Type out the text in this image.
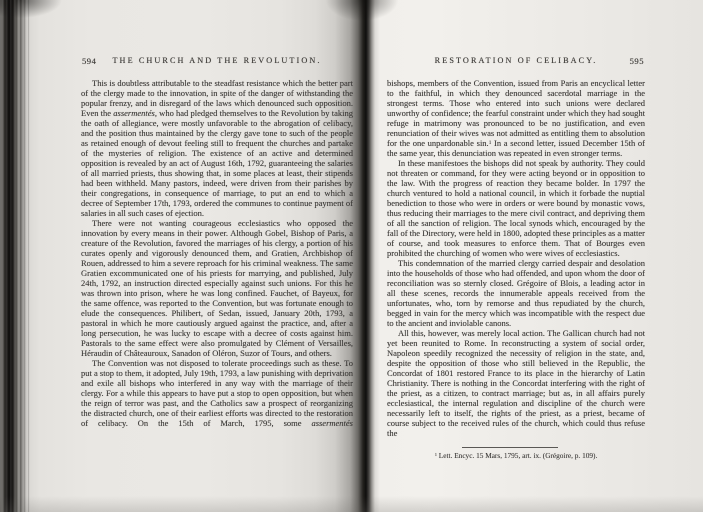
594	THE CHURCH AND THE REVOLUTION.

This is doubtless attributable to the steadfast resistance which the better part of the clergy made to the innovation, in spite of the danger of withstanding the popular frenzy, and in disregard of the laws which denounced such opposition. Even the assermentés, who had pledged themselves to the Revolution by taking the oath of allegiance, were mostly unfavorable to the abrogation of celibacy, and the position thus maintained by the clergy gave tone to such of the people as retained enough of devout feeling still to frequent the churches and partake of the mysteries of religion. The existence of an active and determined opposition is revealed by an act of August 16th, 1792, guaranteeing the salaries of all married priests, thus showing that, in some places at least, their stipends had been withheld. Many pastors, indeed, were driven from their parishes by their congregations, in consequence of marriage, to put an end to which a decree of September 17th, 1793, ordered the communes to continue payment of salaries in all such cases of ejection.

There were not wanting courageous ecclesiastics who opposed the innovation by every means in their power. Although Gobel, Bishop of Paris, a creature of the Revolution, favored the marriages of his clergy, a portion of his curates openly and vigorously denounced them, and Gratien, Archbishop of Rouen, addressed to him a severe reproach for his criminal weakness. The same Gratien excommunicated one of his priests for marrying, and published, July 24th, 1792, an instruction directed especially against such unions. For this he was thrown into prison, where he was long confined. Fauchet, of Bayeux, for the same offence, was reported to the Convention, but was fortunate enough to elude the consequences. Philibert, of Sedan, issued, January 20th, 1793, a pastoral in which he more cautiously argued against the practice, and, after a long persecution, he was lucky to escape with a decree of costs against him. Pastorals to the same effect were also promulgated by Clément of Versailles, Héraudin of Châteauroux, Sanadon of Oléron, Suzor of Tours, and others.

The Convention was not disposed to tolerate proceedings such as these. To put a stop to them, it adopted, July 19th, 1793, a law punishing with deprivation and exile all bishops who interfered in any way with the marriage of their clergy. For a while this appears to have put a stop to open opposition, but when the reign of terror was past, and the Catholics saw a prospect of reorganizing the distracted church, one of their earliest efforts was directed to the restoration of celibacy. On the 15th of March, 1795, some assermentés

RESTORATION OF CELIBACY.	595

bishops, members of the Convention, issued from Paris an encyclical letter to the faithful, in which they denounced sacerdotal marriage in the strongest terms. Those who entered into such unions were declared unworthy of confidence; the fearful constraint under which they had sought refuge in matrimony was pronounced to be no justification, and even renunciation of their wives was not admitted as entitling them to absolution for the one unpardonable sin.$^1$ In a second letter, issued December 15th of the same year, this denunciation was repeated in even stronger terms.

In these manifestoes the bishops did not speak by authority. They could not threaten or command, for they were acting beyond or in opposition to the law. With the progress of reaction they became bolder. In 1797 the church ventured to hold a national council, in which it forbade the nuptial benediction to those who were in orders or were bound by monastic vows, thus reducing their marriages to the mere civil contract, and depriving them of all the sanction of religion. The local synods which, encouraged by the fall of the Directory, were held in 1800, adopted these principles as a matter of course, and took measures to enforce them. That of Bourges even prohibited the churching of women who were wives of ecclesiastics.

This condemnation of the married clergy carried despair and desolation into the households of those who had offended, and upon whom the door of reconciliation was so sternly closed. Grégoire of Blois, a leading actor in all these scenes, records the innumerable appeals received from the unfortunates, who, torn by remorse and thus repudiated by the church, begged in vain for the mercy which was incompatible with the respect due to the ancient and inviolable canons.

All this, however, was merely local action. The Gallican church had not yet been reunited to Rome. In reconstructing a system of social order, Napoleon speedily recognized the necessity of religion in the state, and, despite the opposition of those who still believed in the Republic, the Concordat of 1801 restored France to its place in the hierarchy of Latin Christianity. There is nothing in the Concordat interfering with the right of the priest, as a citizen, to contract marriage; but as, in all affairs purely ecclesiastical, the internal regulation and discipline of the church were necessarily left to itself, the rights of the priest, as a priest, became of course subject to the received rules of the church, which could thus refuse the

$^1$ Lett. Encyc. 15 Mars, 1795, art. ix. (Grégoire, p. 109).
